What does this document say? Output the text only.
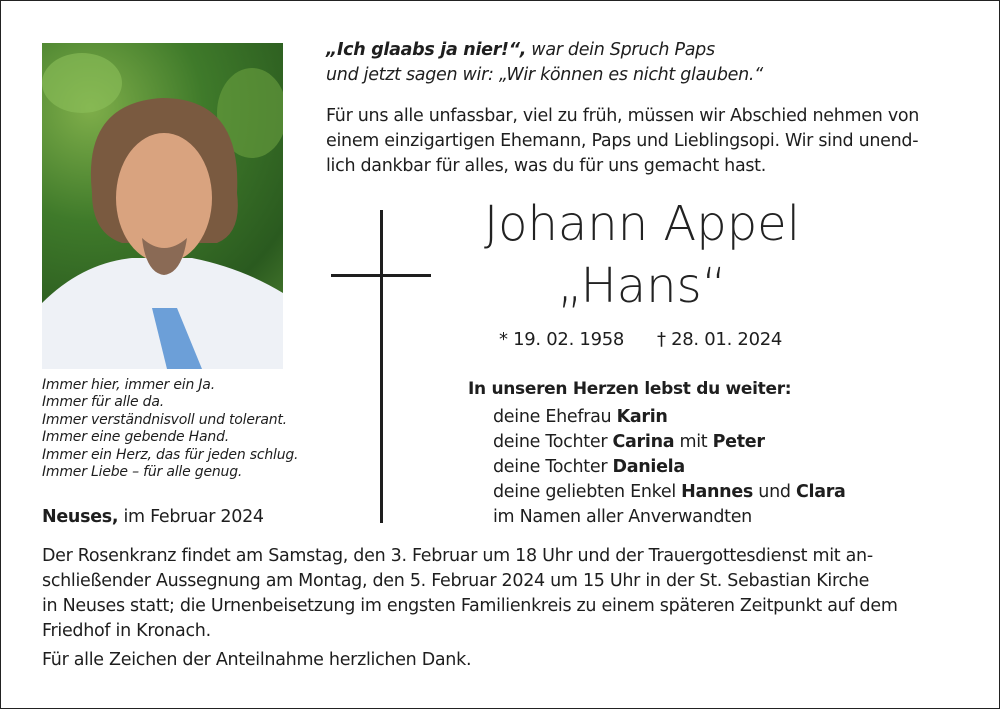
„Ich glaabs ja nier!“, war dein Spruch Paps
und jetzt sagen wir: „Wir können es nicht glauben.“
Für uns alle unfassbar, viel zu früh, müssen wir Abschied nehmen von
einem einzigartigen Ehemann, Paps und Lieblingsopi. Wir sind unend-
lich dankbar für alles, was du für uns gemacht hast.
Johann Appel
„Hans“
* 19. 02. 1958 † 28. 01. 2024
In unseren Herzen lebst du weiter:
deine Ehefrau Karin
deine Tochter Carina mit Peter
deine Tochter Daniela
deine geliebten Enkel Hannes und Clara
im Namen aller Anverwandten
Immer hier, immer ein Ja.
Immer für alle da.
Immer verständnisvoll und tolerant.
Immer eine gebende Hand.
Immer ein Herz, das für jeden schlug.
Immer Liebe – für alle genug.
Neuses, im Februar 2024
Der Rosenkranz findet am Samstag, den 3. Februar um 18 Uhr und der Trauergottesdienst mit an-
schließender Aussegnung am Montag, den 5. Februar 2024 um 15 Uhr in der St. Sebastian Kirche
in Neuses statt; die Urnenbeisetzung im engsten Familienkreis zu einem späteren Zeitpunkt auf dem
Friedhof in Kronach.
Für alle Zeichen der Anteilnahme herzlichen Dank.
